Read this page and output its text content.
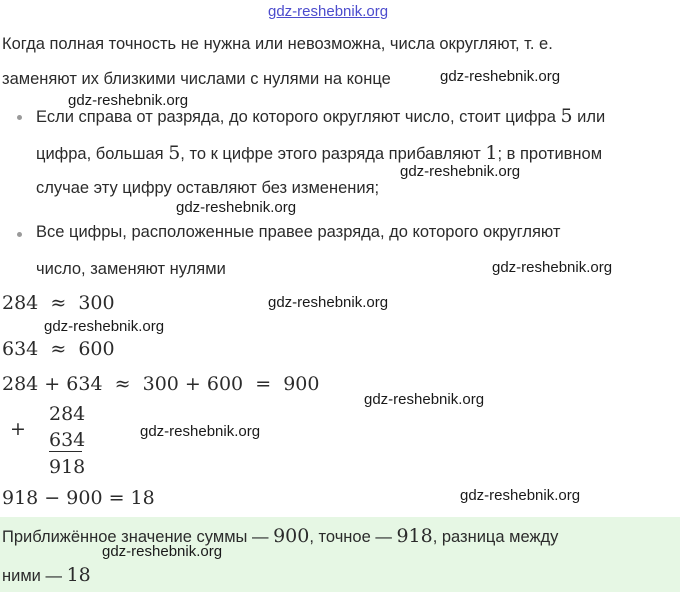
gdz-reshebnik.org
Когда полная точность не нужна или невозможна, числа округляют, т. е.
заменяют их близкими числами с нулями на конце	gdz-reshebnik.org
gdz-reshebnik.org
Если справа от разряда, до которого округляют число, стоит цифра 5 или
цифра, большая 5, то к цифре этого разряда прибавляют 1; в противном
gdz-reshebnik.org
случае эту цифру оставляют без изменения;
gdz-reshebnik.org
Все цифры, расположенные правее разряда, до которого округляют
число, заменяют нулями	gdz-reshebnik.org
284  ≈  300	gdz-reshebnik.org
gdz-reshebnik.org
634  ≈  600
284 + 634  ≈  300 + 600  =  900
gdz-reshebnik.org
+
284
634
918
gdz-reshebnik.org
918 − 900 = 18	gdz-reshebnik.org
Приближённое значение суммы — 900, точное — 918, разница между
gdz-reshebnik.org
ними — 18
